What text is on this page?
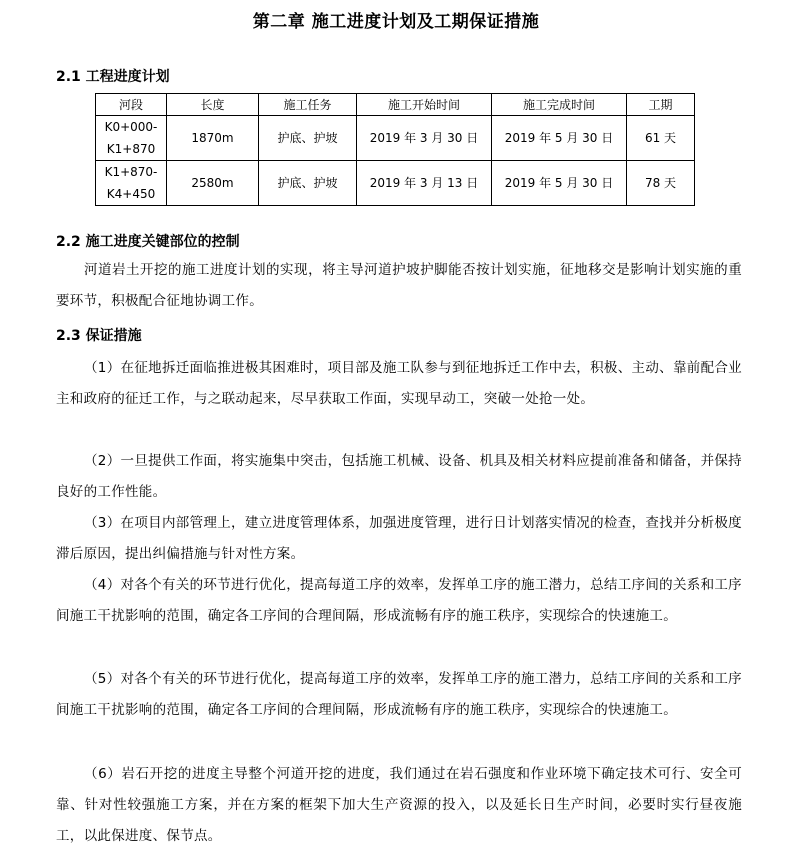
第二章 施工进度计划及工期保证措施
2.1 工程进度计划
河段	长度	施工任务	施工开始时间	施工完成时间	工期

K0+000-
K1+870	1870m	护底、护坡	2019 年 3 月 30 日	2019 年 5 月 30 日	61 天

K1+870-
K4+450	2580m	护底、护坡	2019 年 3 月 13 日	2019 年 5 月 30 日	78 天
2.2 施工进度关键部位的控制
河道岩土开挖的施工进度计划的实现，将主导河道护坡护脚能否按计划实施，征地移交是影响计划实施的重要环节，积极配合征地协调工作。
2.3 保证措施
（1）在征地拆迁面临推进极其困难时，项目部及施工队参与到征地拆迁工作中去，积极、主动、靠前配合业主和政府的征迁工作，与之联动起来，尽早获取工作面，实现早动工，突破一处抢一处。
（2）一旦提供工作面，将实施集中突击，包括施工机械、设备、机具及相关材料应提前准备和储备，并保持良好的工作性能。
（3）在项目内部管理上，建立进度管理体系，加强进度管理，进行日计划落实情况的检查，查找并分析极度滞后原因，提出纠偏措施与针对性方案。
（4）对各个有关的环节进行优化，提高每道工序的效率，发挥单工序的施工潜力，总结工序间的关系和工序间施工干扰影响的范围，确定各工序间的合理间隔，形成流畅有序的施工秩序，实现综合的快速施工。
（5）对各个有关的环节进行优化，提高每道工序的效率，发挥单工序的施工潜力，总结工序间的关系和工序间施工干扰影响的范围，确定各工序间的合理间隔，形成流畅有序的施工秩序，实现综合的快速施工。
（6）岩石开挖的进度主导整个河道开挖的进度，我们通过在岩石强度和作业环境下确定技术可行、安全可靠、针对性较强施工方案，并在方案的框架下加大生产资源的投入，以及延长日生产时间，必要时实行昼夜施工，以此保进度、保节点。
